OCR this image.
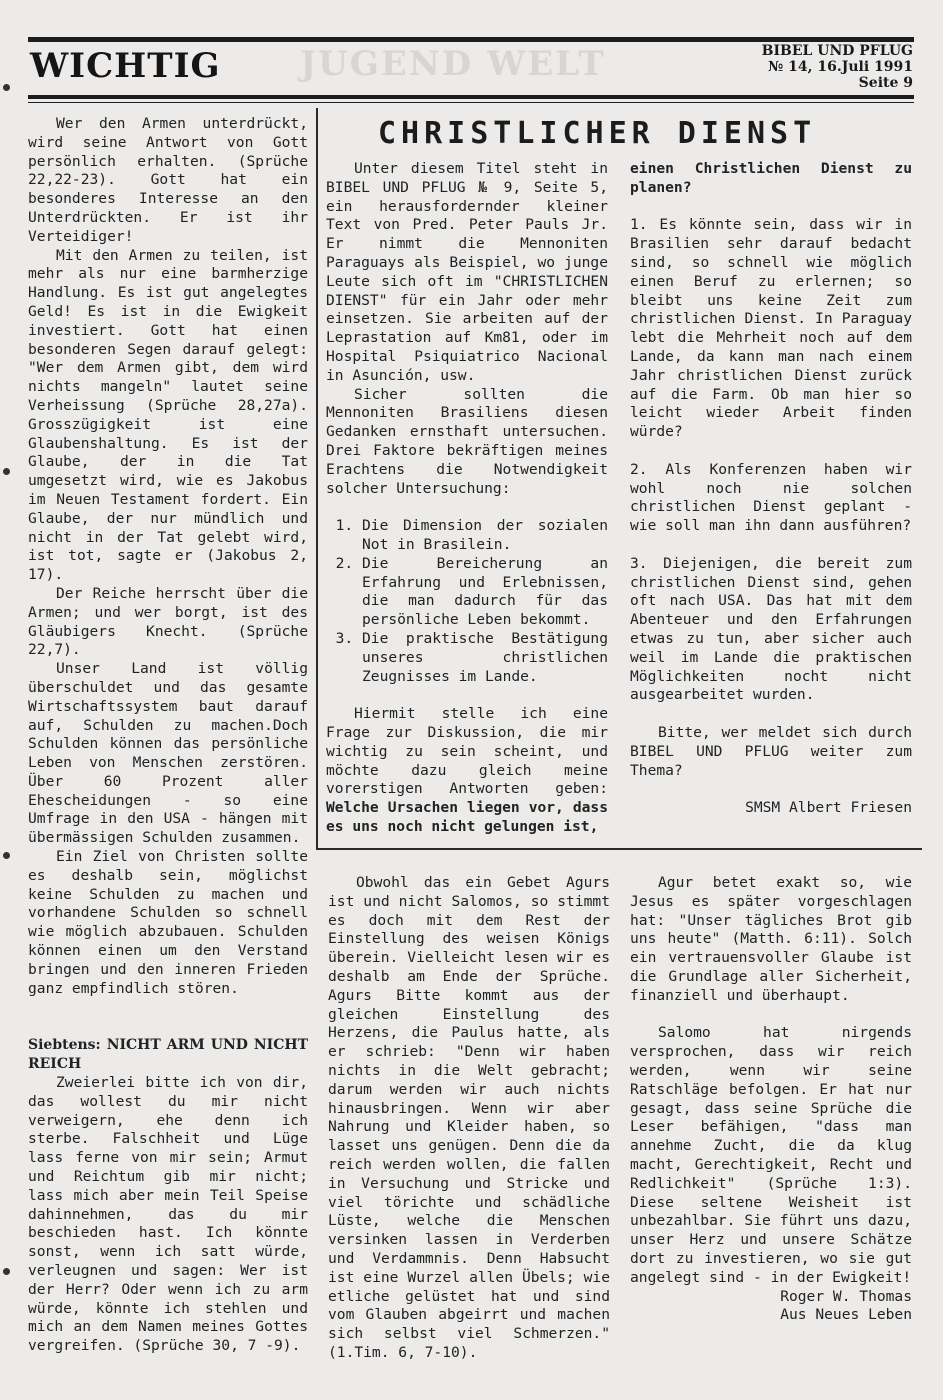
JUGEND WELT
WICHTIG	BIBEL UND PFLUG
№ 14, 16.Juli 1991
Seite 9

Wer den Armen unterdrückt, wird seine Antwort von Gott persönlich erhalten. (Sprüche 22,22-23). Gott hat ein besonderes Interesse an den Unterdrückten. Er ist ihr Verteidiger!

Mit den Armen zu teilen, ist mehr als nur eine barmherzige Handlung. Es ist gut angelegtes Geld! Es ist in die Ewigkeit investiert. Gott hat einen besonderen Segen darauf gelegt: "Wer dem Armen gibt, dem wird nichts mangeln" lautet seine Verheissung (Sprüche 28,27a). Grosszügigkeit ist eine Glaubenshaltung. Es ist der Glaube, der in die Tat umgesetzt wird, wie es Jakobus im Neuen Testament fordert. Ein Glaube, der nur mündlich und nicht in der Tat gelebt wird, ist tot, sagte er (Jakobus 2, 17).

Der Reiche herrscht über die Armen; und wer borgt, ist des Gläubigers Knecht. (Sprüche 22,7).

Unser Land ist völlig überschuldet und das gesamte Wirtschaftssystem baut darauf auf, Schulden zu machen.Doch Schulden können das persönliche Leben von Menschen zerstören. Über 60 Prozent aller Ehescheidungen - so eine Umfrage in den USA - hängen mit übermässigen Schulden zusammen.

Ein Ziel von Christen sollte es deshalb sein, möglichst keine Schulden zu machen und vorhandene Schulden so schnell wie möglich abzubauen. Schulden können einen um den Verstand bringen und den inneren Frieden ganz empfindlich stören.

Siebtens: NICHT ARM UND NICHT REICH

Zweierlei bitte ich von dir, das wollest du mir nicht verweigern, ehe denn ich sterbe. Falschheit und Lüge lass ferne von mir sein; Armut und Reichtum gib mir nicht; lass mich aber mein Teil Speise dahinnehmen, das du mir beschieden hast. Ich könnte sonst, wenn ich satt würde, verleugnen und sagen: Wer ist der Herr? Oder wenn ich zu arm würde, könnte ich stehlen und mich an dem Namen meines Gottes vergreifen. (Sprüche 30, 7 -9).

CHRISTLICHER DIENST

Unter diesem Titel steht in BIBEL UND PFLUG № 9, Seite 5, ein herausfordernder kleiner Text von Pred. Peter Pauls Jr. Er nimmt die Mennoniten Paraguays als Beispiel, wo junge Leute sich oft im "CHRISTLICHEN DIENST" für ein Jahr oder mehr einsetzen. Sie arbeiten auf der Leprastation auf Km81, oder im Hospital Psiquiatrico Nacional in Asunción, usw.

Sicher sollten die Mennoniten Brasiliens diesen Gedanken ernsthaft untersuchen. Drei Faktore bekräftigen meines Erachtens die Notwendigkeit solcher Untersuchung:

1. Die Dimension der sozialen Not in Brasilein.
2. Die Bereicherung an Erfahrung und Erlebnissen, die man dadurch für das persönliche Leben bekommt.
3. Die praktische Bestätigung unseres christlichen Zeugnisses im Lande.

Hiermit stelle ich eine Frage zur Diskussion, die mir wichtig zu sein scheint, und möchte dazu gleich meine vorerstigen Antworten geben: Welche Ursachen liegen vor, dass es uns noch nicht gelungen ist,

einen Christlichen Dienst zu planen?

1. Es könnte sein, dass wir in Brasilien sehr darauf bedacht sind, so schnell wie möglich einen Beruf zu erlernen; so bleibt uns keine Zeit zum christlichen Dienst. In Paraguay lebt die Mehrheit noch auf dem Lande, da kann man nach einem Jahr christlichen Dienst zurück auf die Farm. Ob man hier so leicht wieder Arbeit finden würde?

2. Als Konferenzen haben wir wohl noch nie solchen christlichen Dienst geplant - wie soll man ihn dann ausführen?

3. Diejenigen, die bereit zum christlichen Dienst sind, gehen oft nach USA. Das hat mit dem Abenteuer und den Erfahrungen etwas zu tun, aber sicher auch weil im Lande die praktischen Möglichkeiten nocht nicht ausgearbeitet wurden.

Bitte, wer meldet sich durch BIBEL UND PFLUG weiter zum Thema?

SMSM Albert Friesen

Obwohl das ein Gebet Agurs ist und nicht Salomos, so stimmt es doch mit dem Rest der Einstellung des weisen Königs überein. Vielleicht lesen wir es deshalb am Ende der Sprüche. Agurs Bitte kommt aus der gleichen Einstellung des Herzens, die Paulus hatte, als er schrieb: "Denn wir haben nichts in die Welt gebracht; darum werden wir auch nichts hinausbringen. Wenn wir aber Nahrung und Kleider haben, so lasset uns genügen. Denn die da reich werden wollen, die fallen in Versuchung und Stricke und viel törichte und schädliche Lüste, welche die Menschen versinken lassen in Verderben und Verdammnis. Denn Habsucht ist eine Wurzel allen Übels; wie etliche gelüstet hat und sind vom Glauben abgeirrt und machen sich selbst viel Schmerzen." (1.Tim. 6, 7-10).

Agur betet exakt so, wie Jesus es später vorgeschlagen hat: "Unser tägliches Brot gib uns heute" (Matth. 6:11). Solch ein vertrauensvoller Glaube ist die Grundlage aller Sicherheit, finanziell und überhaupt.

Salomo hat nirgends versprochen, dass wir reich werden, wenn wir seine Ratschläge befolgen. Er hat nur gesagt, dass seine Sprüche die Leser befähigen, "dass man annehme Zucht, die da klug macht, Gerechtigkeit, Recht und Redlichkeit" (Sprüche 1:3). Diese seltene Weisheit ist unbezahlbar. Sie führt uns dazu, unser Herz und unsere Schätze dort zu investieren, wo sie gut angelegt sind - in der Ewigkeit!

Roger W. Thomas

Aus Neues Leben
